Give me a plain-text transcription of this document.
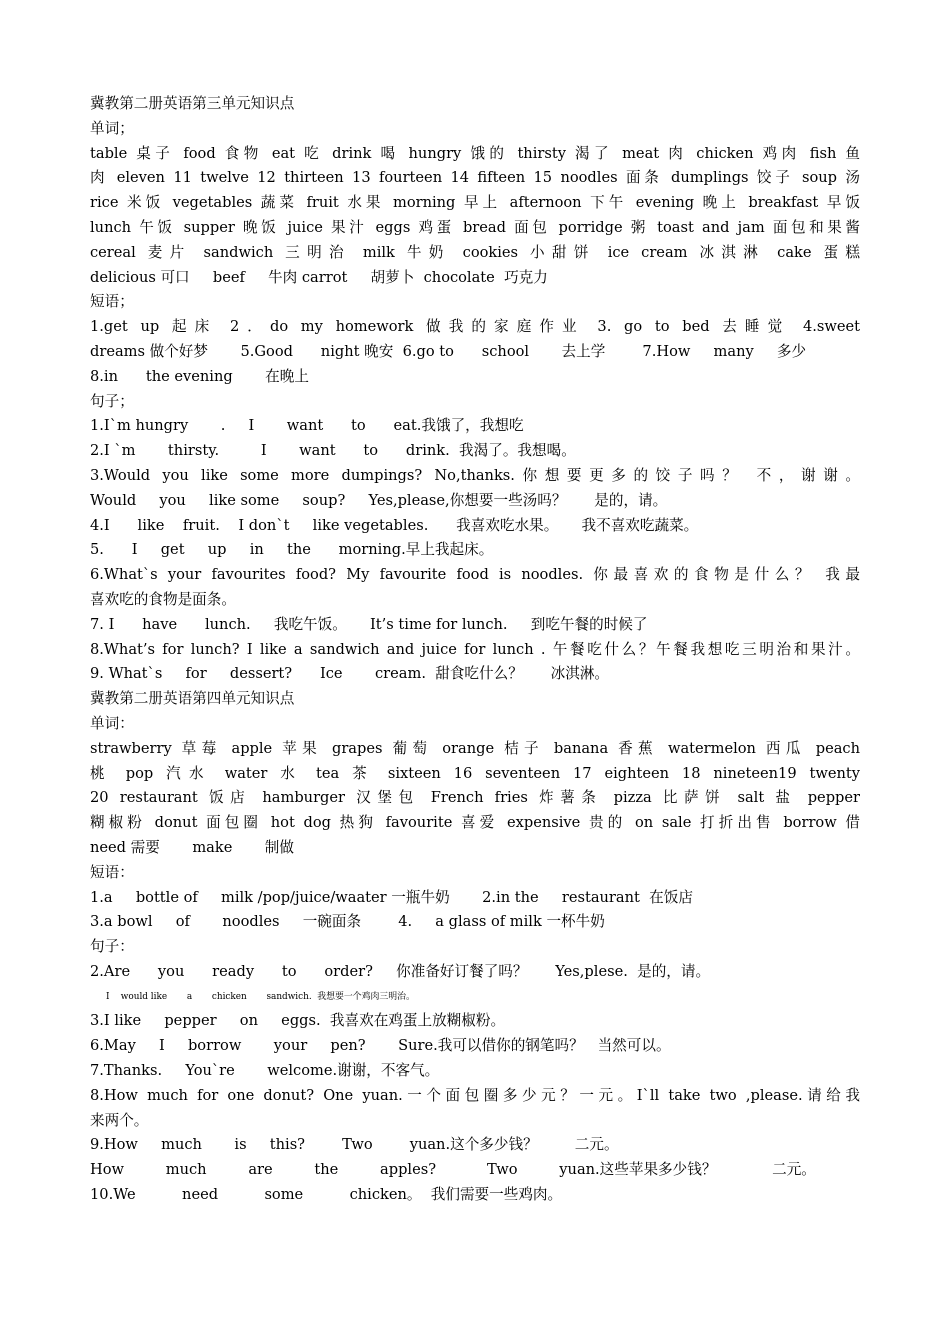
冀教第二册英语第三单元知识点
单词；
table 桌子 food 食物 eat 吃 drink 喝 hungry 饿的 thirsty 渴了 meat 肉 chicken 鸡肉 fish 鱼
肉 eleven 11 twelve 12 thirteen 13 fourteen 14 fifteen 15 noodles 面条 dumplings 饺子 soup 汤
rice 米饭 vegetables 蔬菜 fruit 水果 morning 早上 afternoon 下午 evening 晚上 breakfast 早饭
lunch 午饭 supper 晚饭 juice 果汁 eggs 鸡蛋 bread 面包 porridge 粥 toast and jam 面包和果酱
cereal 麦片 sandwich 三明治 milk 牛奶 cookies 小甜饼 ice cream 冰淇淋 cake 蛋糕
delicious 可口     beef     牛肉 carrot     胡萝卜  chocolate  巧克力
短语；
1.get up 起床 2．do my homework 做我的家庭作业 3. go to bed 去睡觉 4.sweet
dreams 做个好梦       5.Good      night 晚安  6.go to      school       去上学        7.How     many     多少
8.in      the evening       在晚上
句子；
1.I`m hungry       .     I       want      to      eat.我饿了，我想吃
2.I `m       thirsty.         I       want      to      drink.  我渴了。我想喝。
3.Would you like some more dumpings? No,thanks.你想要更多的饺子吗？ 不，谢谢。
Would     you     like some     soup?     Yes,please,你想要一些汤吗？      是的，请。
4.I      like    fruit.    I don`t     like vegetables.      我喜欢吃水果。     我不喜欢吃蔬菜。
5.      I     get     up     in     the      morning.早上我起床。
6.What`s your favourites food? My favourite food is noodles. 你最喜欢的食物是什么？ 我最
喜欢吃的食物是面条。
7. I      have      lunch.     我吃午饭。     It’s time for lunch.     到吃午餐的时候了
8.What’s for lunch? I like a sandwich and juice for lunch . 午餐吃什么？午餐我想吃三明治和果汁。
9. What`s     for     dessert?      Ice       cream.  甜食吃什么？      冰淇淋。
冀教第二册英语第四单元知识点
单词：
strawberry 草莓 apple 苹果 grapes 葡萄 orange 桔子 banana 香蕉 watermelon 西瓜 peach
桃 pop 汽水 water 水 tea 茶 sixteen 16 seventeen 17 eighteen 18 nineteen19 twenty
20 restaurant 饭店 hamburger 汉堡包 French fries 炸薯条 pizza 比萨饼 salt 盐 pepper
糊椒粉 donut 面包圈 hot dog 热狗 favourite 喜爱 expensive 贵的 on sale 打折出售 borrow 借
need 需要       make       制做
短语：
1.a     bottle of     milk /pop/juice/waater 一瓶牛奶       2.in the     restaurant  在饭店
3.a bowl     of       noodles     一碗面条        4.     a glass of milk 一杯牛奶
句子：
2.Are      you      ready      to      order?     你准备好订餐了吗？      Yes,plese.  是的，请。
I    would like       a       chicken       sandwich.  我想要一个鸡肉三明治。
3.I like     pepper     on     eggs.  我喜欢在鸡蛋上放糊椒粉。
6.May     I     borrow       your     pen?       Sure.我可以借你的钢笔吗？   当然可以。
7.Thanks.     You`re       welcome.谢谢，不客气。
8.How much for one donut? One yuan.一个面包圈多少元？一元。I`ll take two ,please.请给我
来两个。
9.How     much       is     this?        Two        yuan.这个多少钱？        二元。
How         much         are         the         apples?           Two         yuan.这些苹果多少钱？            二元。
10.We          need          some          chicken。  我们需要一些鸡肉。
